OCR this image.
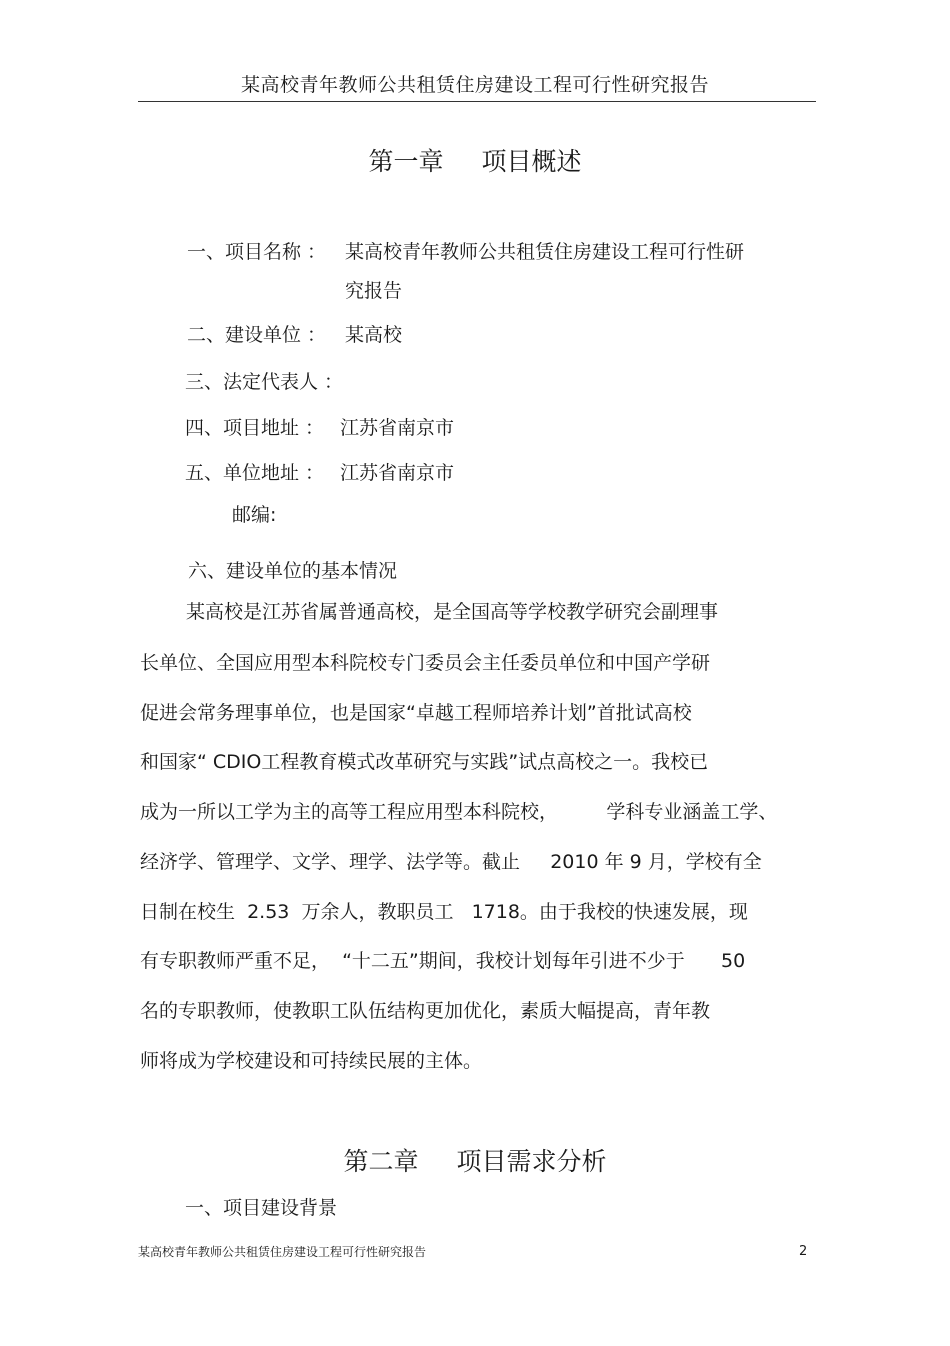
某高校青年教师公共租赁住房建设工程可行性研究报告
第一章 项目概述
一、项目名称 ： 某高校青年教师公共租赁住房建设工程可行性研
究报告
二、建设单位 ： 某高校
三、法定代表人 ：
四、项目地址 ： 江苏省南京市
五、单位地址 ： 江苏省南京市
邮编:
六、建设单位的基本情况
某高校是江苏省属普通高校，是全国高等学校教学研究会副理事
长单位、全国应用型本科院校专门委员会主任委员单位和中国产学研
促进会常务理事单位，也是国家“卓越工程师培养计划”首批试高校
和国家“ CDIO工程教育模式改革研究与实践”试点高校之一。我校已
成为一所以工学为主的高等工程应用型本科院校，        学科专业涵盖工学、
经济学、管理学、文学、理学、法学等。截止     2010 年 9 月，学校有全
日制在校生  2.53  万余人，教职员工   1718。由于我校的快速发展，现
有专职教师严重不足，  “十二五”期间，我校计划每年引进不少于      50
名的专职教师，使教职工队伍结构更加优化，素质大幅提高，青年教
师将成为学校建设和可持续民展的主体。
第二章 项目需求分析
一、项目建设背景
某高校青年教师公共租赁住房建设工程可行性研究报告	2
